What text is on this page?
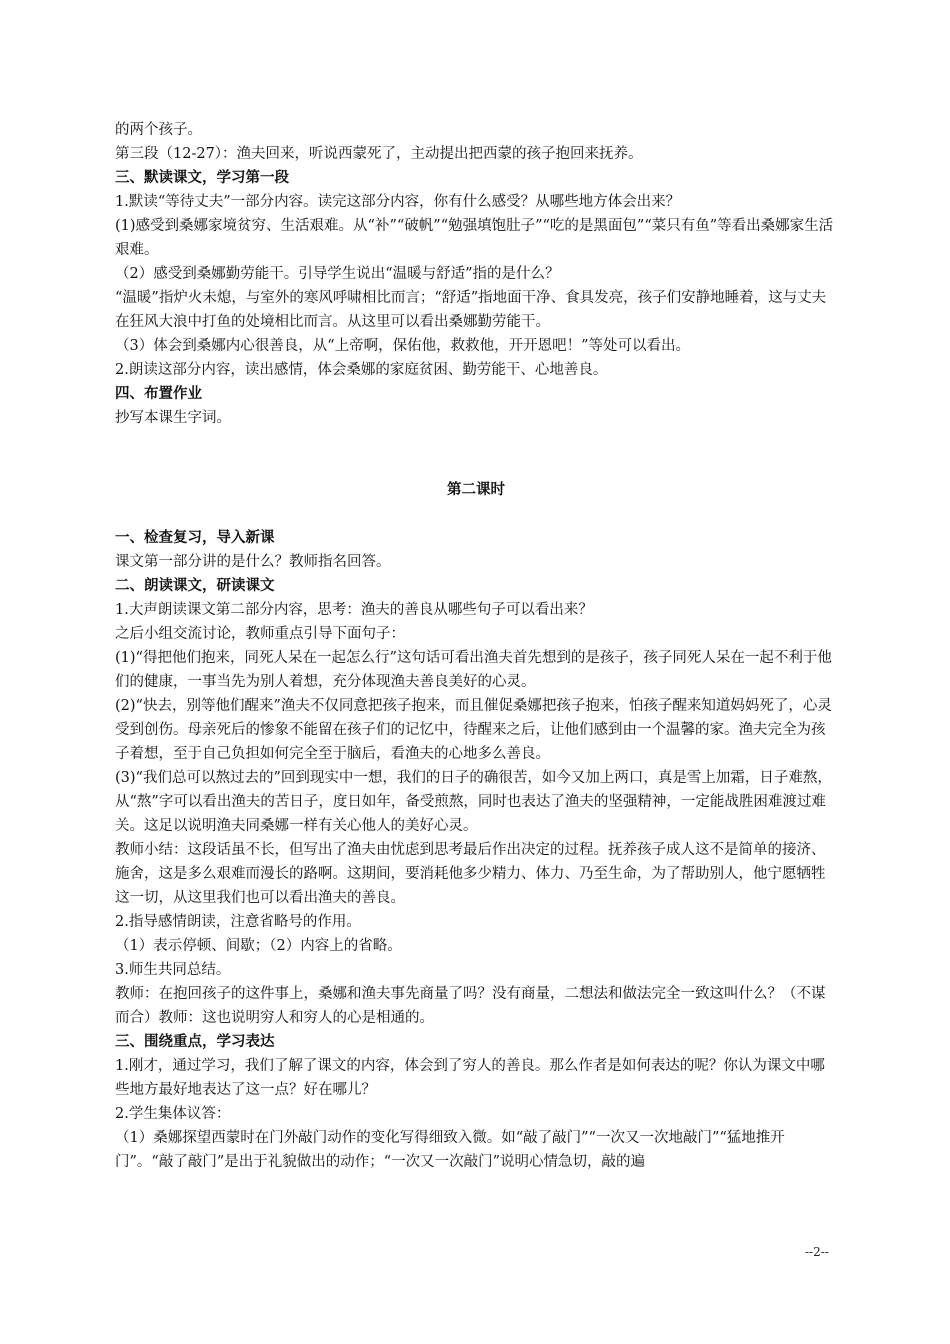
的两个孩子。

第三段（12-27）：渔夫回来，听说西蒙死了，主动提出把西蒙的孩子抱回来抚养。

三、默读课文，学习第一段

1.默读“等待丈夫”一部分内容。读完这部分内容，你有什么感受？从哪些地方体会出来？

(1)感受到桑娜家境贫穷、生活艰难。从“补”“破帆”“勉强填饱肚子”“吃的是黑面包”“菜只有鱼”等看出桑娜家生活艰难。

（2）感受到桑娜勤劳能干。引导学生说出“温暖与舒适”指的是什么？

“温暖”指炉火未熄，与室外的寒风呼啸相比而言；“舒适”指地面干净、食具发亮，孩子们安静地睡着，这与丈夫在狂风大浪中打鱼的处境相比而言。从这里可以看出桑娜勤劳能干。

（3）体会到桑娜内心很善良，从“上帝啊，保佑他，救救他，开开恩吧！”等处可以看出。

2.朗读这部分内容，读出感情，体会桑娜的家庭贫困、勤劳能干、心地善良。

四、布置作业

抄写本课生字词。

第二课时

一、检查复习，导入新课

课文第一部分讲的是什么？教师指名回答。

二、朗读课文，研读课文

1.大声朗读课文第二部分内容，思考：渔夫的善良从哪些句子可以看出来？

之后小组交流讨论，教师重点引导下面句子：

(1)“得把他们抱来，同死人呆在一起怎么行”这句话可看出渔夫首先想到的是孩子，孩子同死人呆在一起不利于他们的健康，一事当先为别人着想，充分体现渔夫善良美好的心灵。

(2)“快去，别等他们醒来”渔夫不仅同意把孩子抱来，而且催促桑娜把孩子抱来，怕孩子醒来知道妈妈死了，心灵受到创伤。母亲死后的惨象不能留在孩子们的记忆中，待醒来之后，让他们感到由一个温馨的家。渔夫完全为孩子着想，至于自己负担如何完全至于脑后，看渔夫的心地多么善良。

(3)“我们总可以熬过去的”回到现实中一想，我们的日子的确很苦，如今又加上两口，真是雪上加霜，日子难熬，从“熬”字可以看出渔夫的苦日子，度日如年，备受煎熬，同时也表达了渔夫的坚强精神，一定能战胜困难渡过难关。这足以说明渔夫同桑娜一样有关心他人的美好心灵。

教师小结：这段话虽不长，但写出了渔夫由忧虑到思考最后作出决定的过程。抚养孩子成人这不是简单的接济、施舍，这是多么艰难而漫长的路啊。这期间，要消耗他多少精力、体力、乃至生命，为了帮助别人，他宁愿牺牲这一切，从这里我们也可以看出渔夫的善良。

2.指导感情朗读，注意省略号的作用。

（1）表示停顿、间歇；（2）内容上的省略。

3.师生共同总结。

教师：在抱回孩子的这件事上，桑娜和渔夫事先商量了吗？没有商量，二想法和做法完全一致这叫什么？（不谋而合）教师：这也说明穷人和穷人的心是相通的。

三、围绕重点，学习表达

1.刚才，通过学习，我们了解了课文的内容，体会到了穷人的善良。那么作者是如何表达的呢？你认为课文中哪些地方最好地表达了这一点？好在哪儿？

2.学生集体议答：

（1）桑娜探望西蒙时在门外敲门动作的变化写得细致入微。如“敲了敲门”“一次又一次地敲门”“猛地推开门”。“敲了敲门”是出于礼貌做出的动作；“一次又一次敲门”说明心情急切，敲的遍

--2--
